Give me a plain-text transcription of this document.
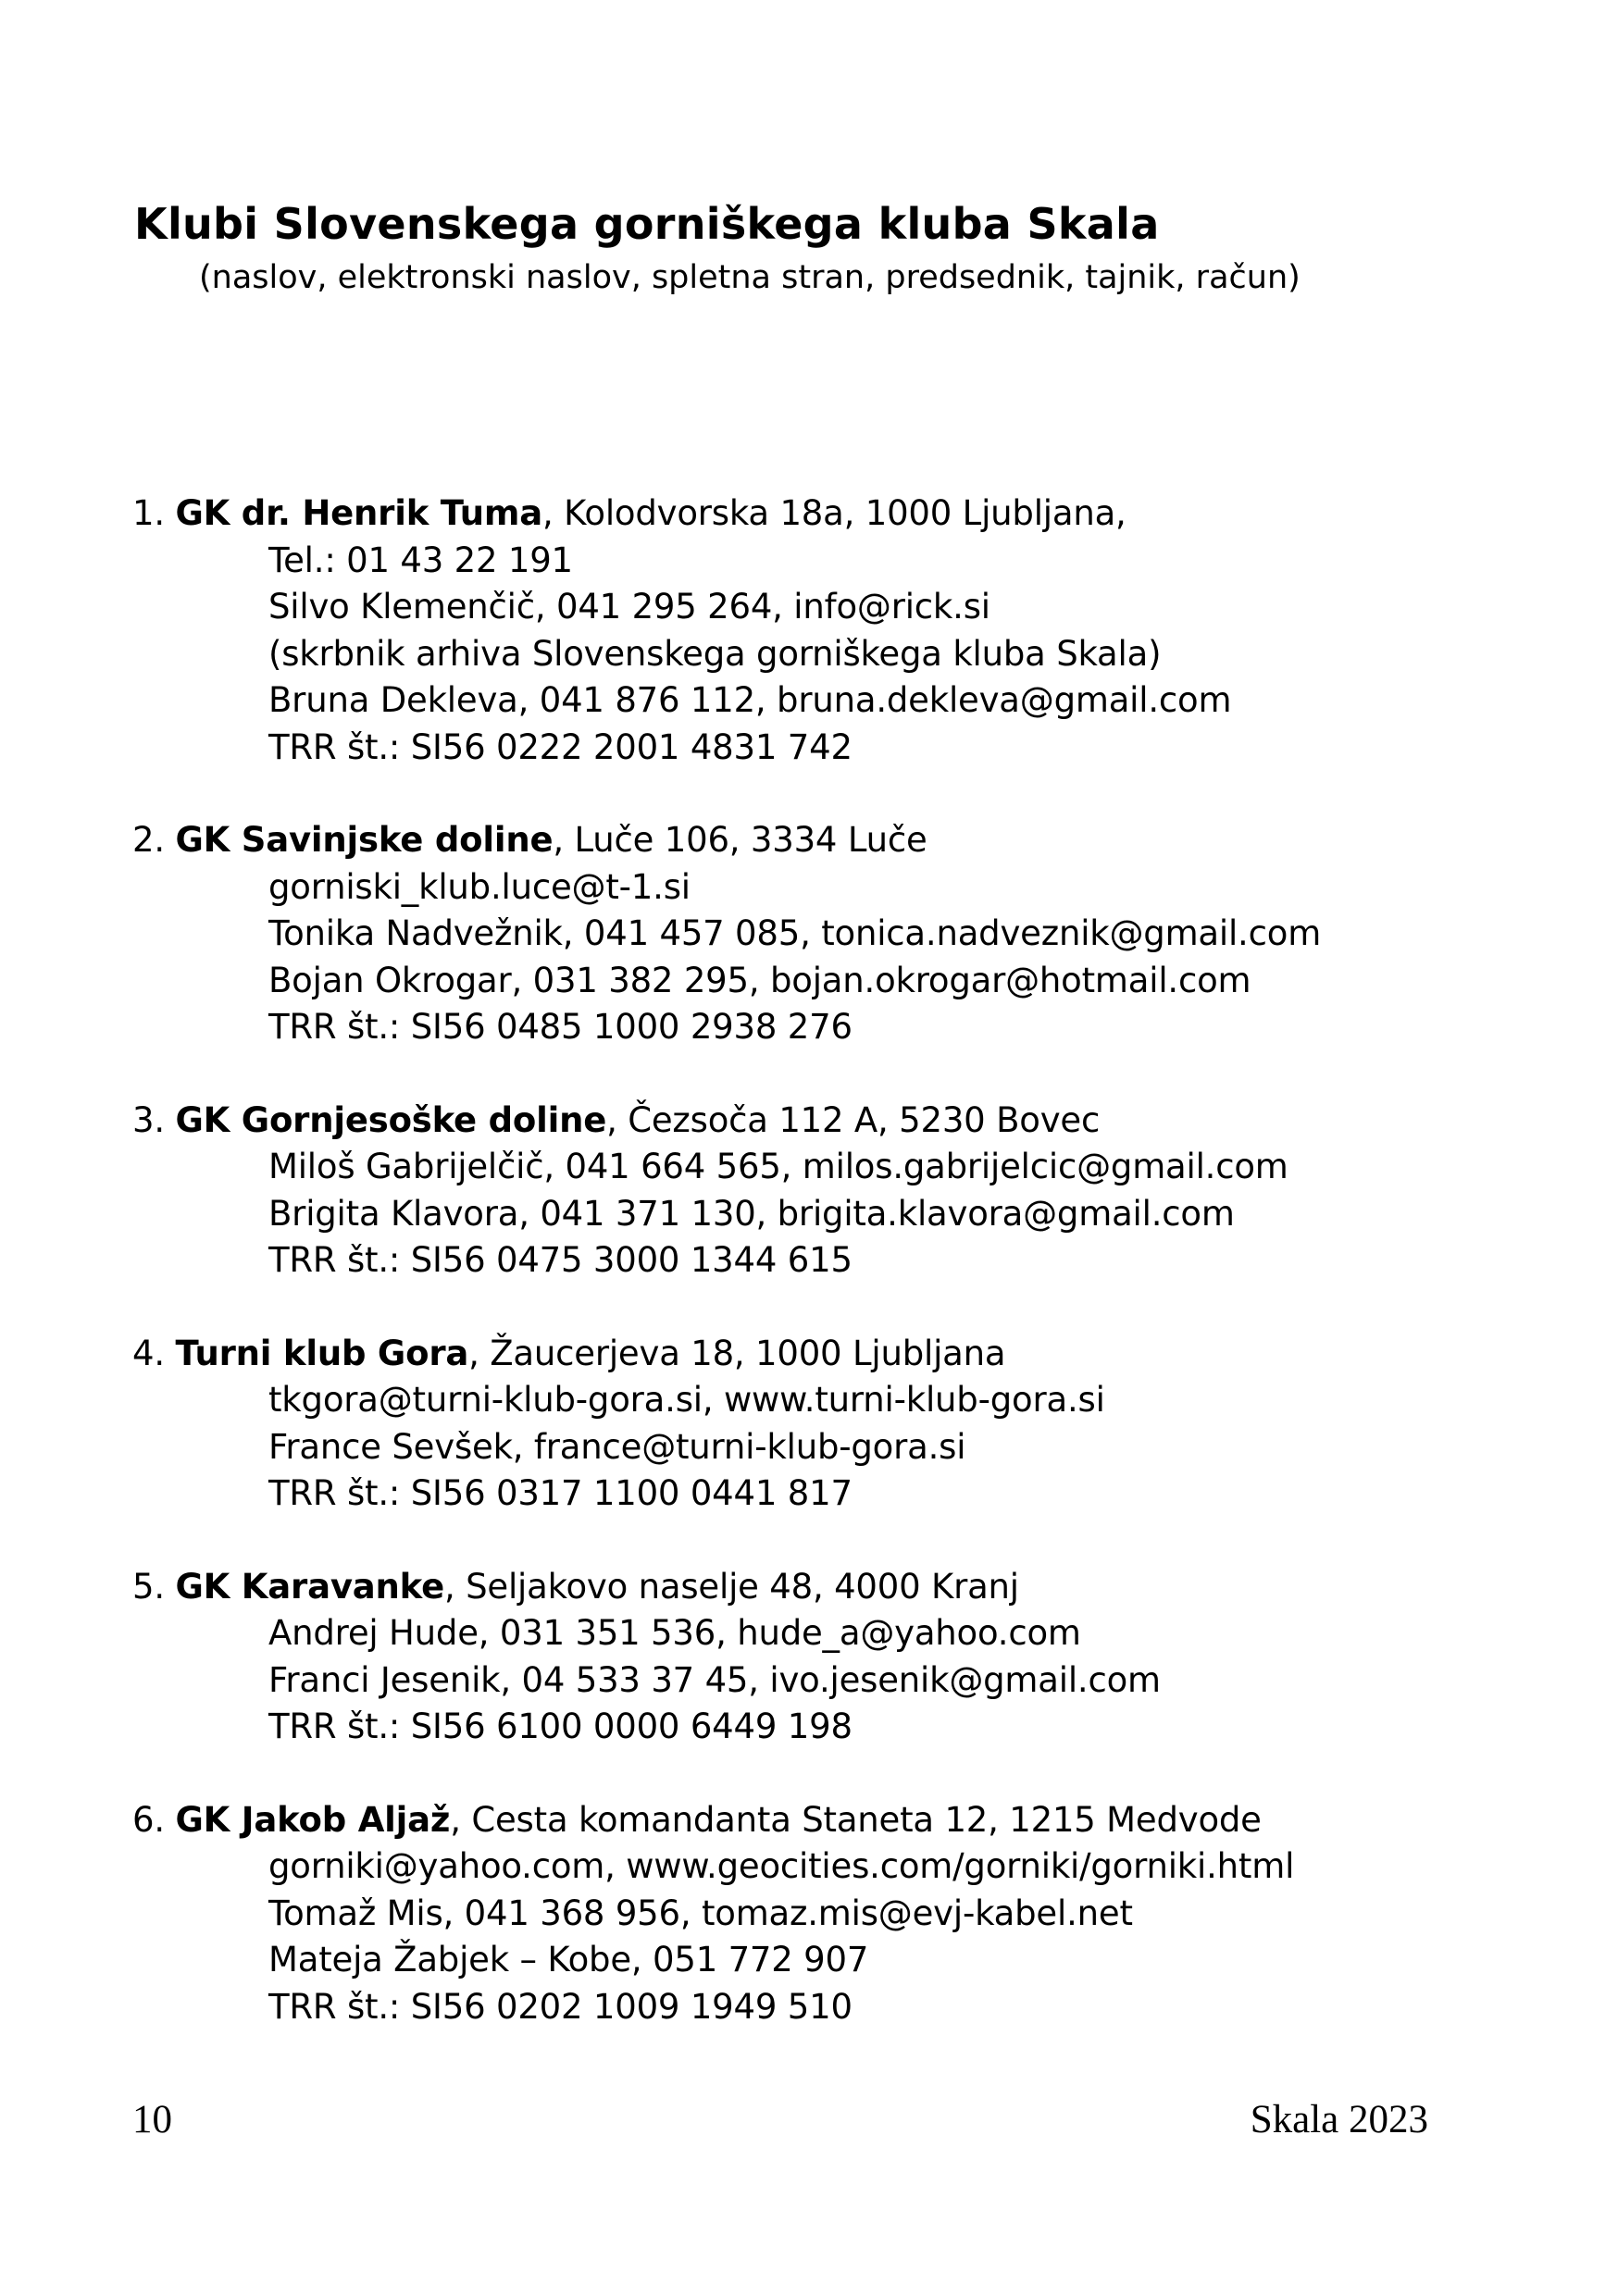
Klubi Slovenskega gorniškega kluba Skala
(naslov, elektronski naslov, spletna stran, predsednik, tajnik, račun)
1. GK dr. Henrik Tuma, Kolodvorska 18a, 1000 Ljubljana,
Tel.: 01 43 22 191
Silvo Klemenčič, 041 295 264, info@rick.si
(skrbnik arhiva Slovenskega gorniškega kluba Skala)
Bruna Dekleva, 041 876 112, bruna.dekleva@gmail.com
TRR št.: SI56 0222 2001 4831 742
2. GK Savinjske doline, Luče 106, 3334 Luče
gorniski_klub.luce@t-1.si
Tonika Nadvežnik, 041 457 085, tonica.nadveznik@gmail.com
Bojan Okrogar, 031 382 295, bojan.okrogar@hotmail.com
TRR št.: SI56 0485 1000 2938 276
3. GK Gornjesoške doline, Čezsoča 112 A, 5230 Bovec
Miloš Gabrijelčič, 041 664 565, milos.gabrijelcic@gmail.com
Brigita Klavora, 041 371 130, brigita.klavora@gmail.com
TRR št.: SI56 0475 3000 1344 615
4. Turni klub Gora, Žaucerjeva 18, 1000 Ljubljana
tkgora@turni-klub-gora.si, www.turni-klub-gora.si
France Sevšek, france@turni-klub-gora.si
TRR št.: SI56 0317 1100 0441 817
5. GK Karavanke, Seljakovo naselje 48, 4000 Kranj
Andrej Hude, 031 351 536, hude_a@yahoo.com
Franci Jesenik, 04 533 37 45, ivo.jesenik@gmail.com
TRR št.: SI56 6100 0000 6449 198
6. GK Jakob Aljaž, Cesta komandanta Staneta 12, 1215 Medvode
gorniki@yahoo.com, www.geocities.com/gorniki/gorniki.html
Tomaž Mis, 041 368 956, tomaz.mis@evj-kabel.net
Mateja Žabjek – Kobe, 051 772 907
TRR št.: SI56 0202 1009 1949 510
10	Skala 2023
